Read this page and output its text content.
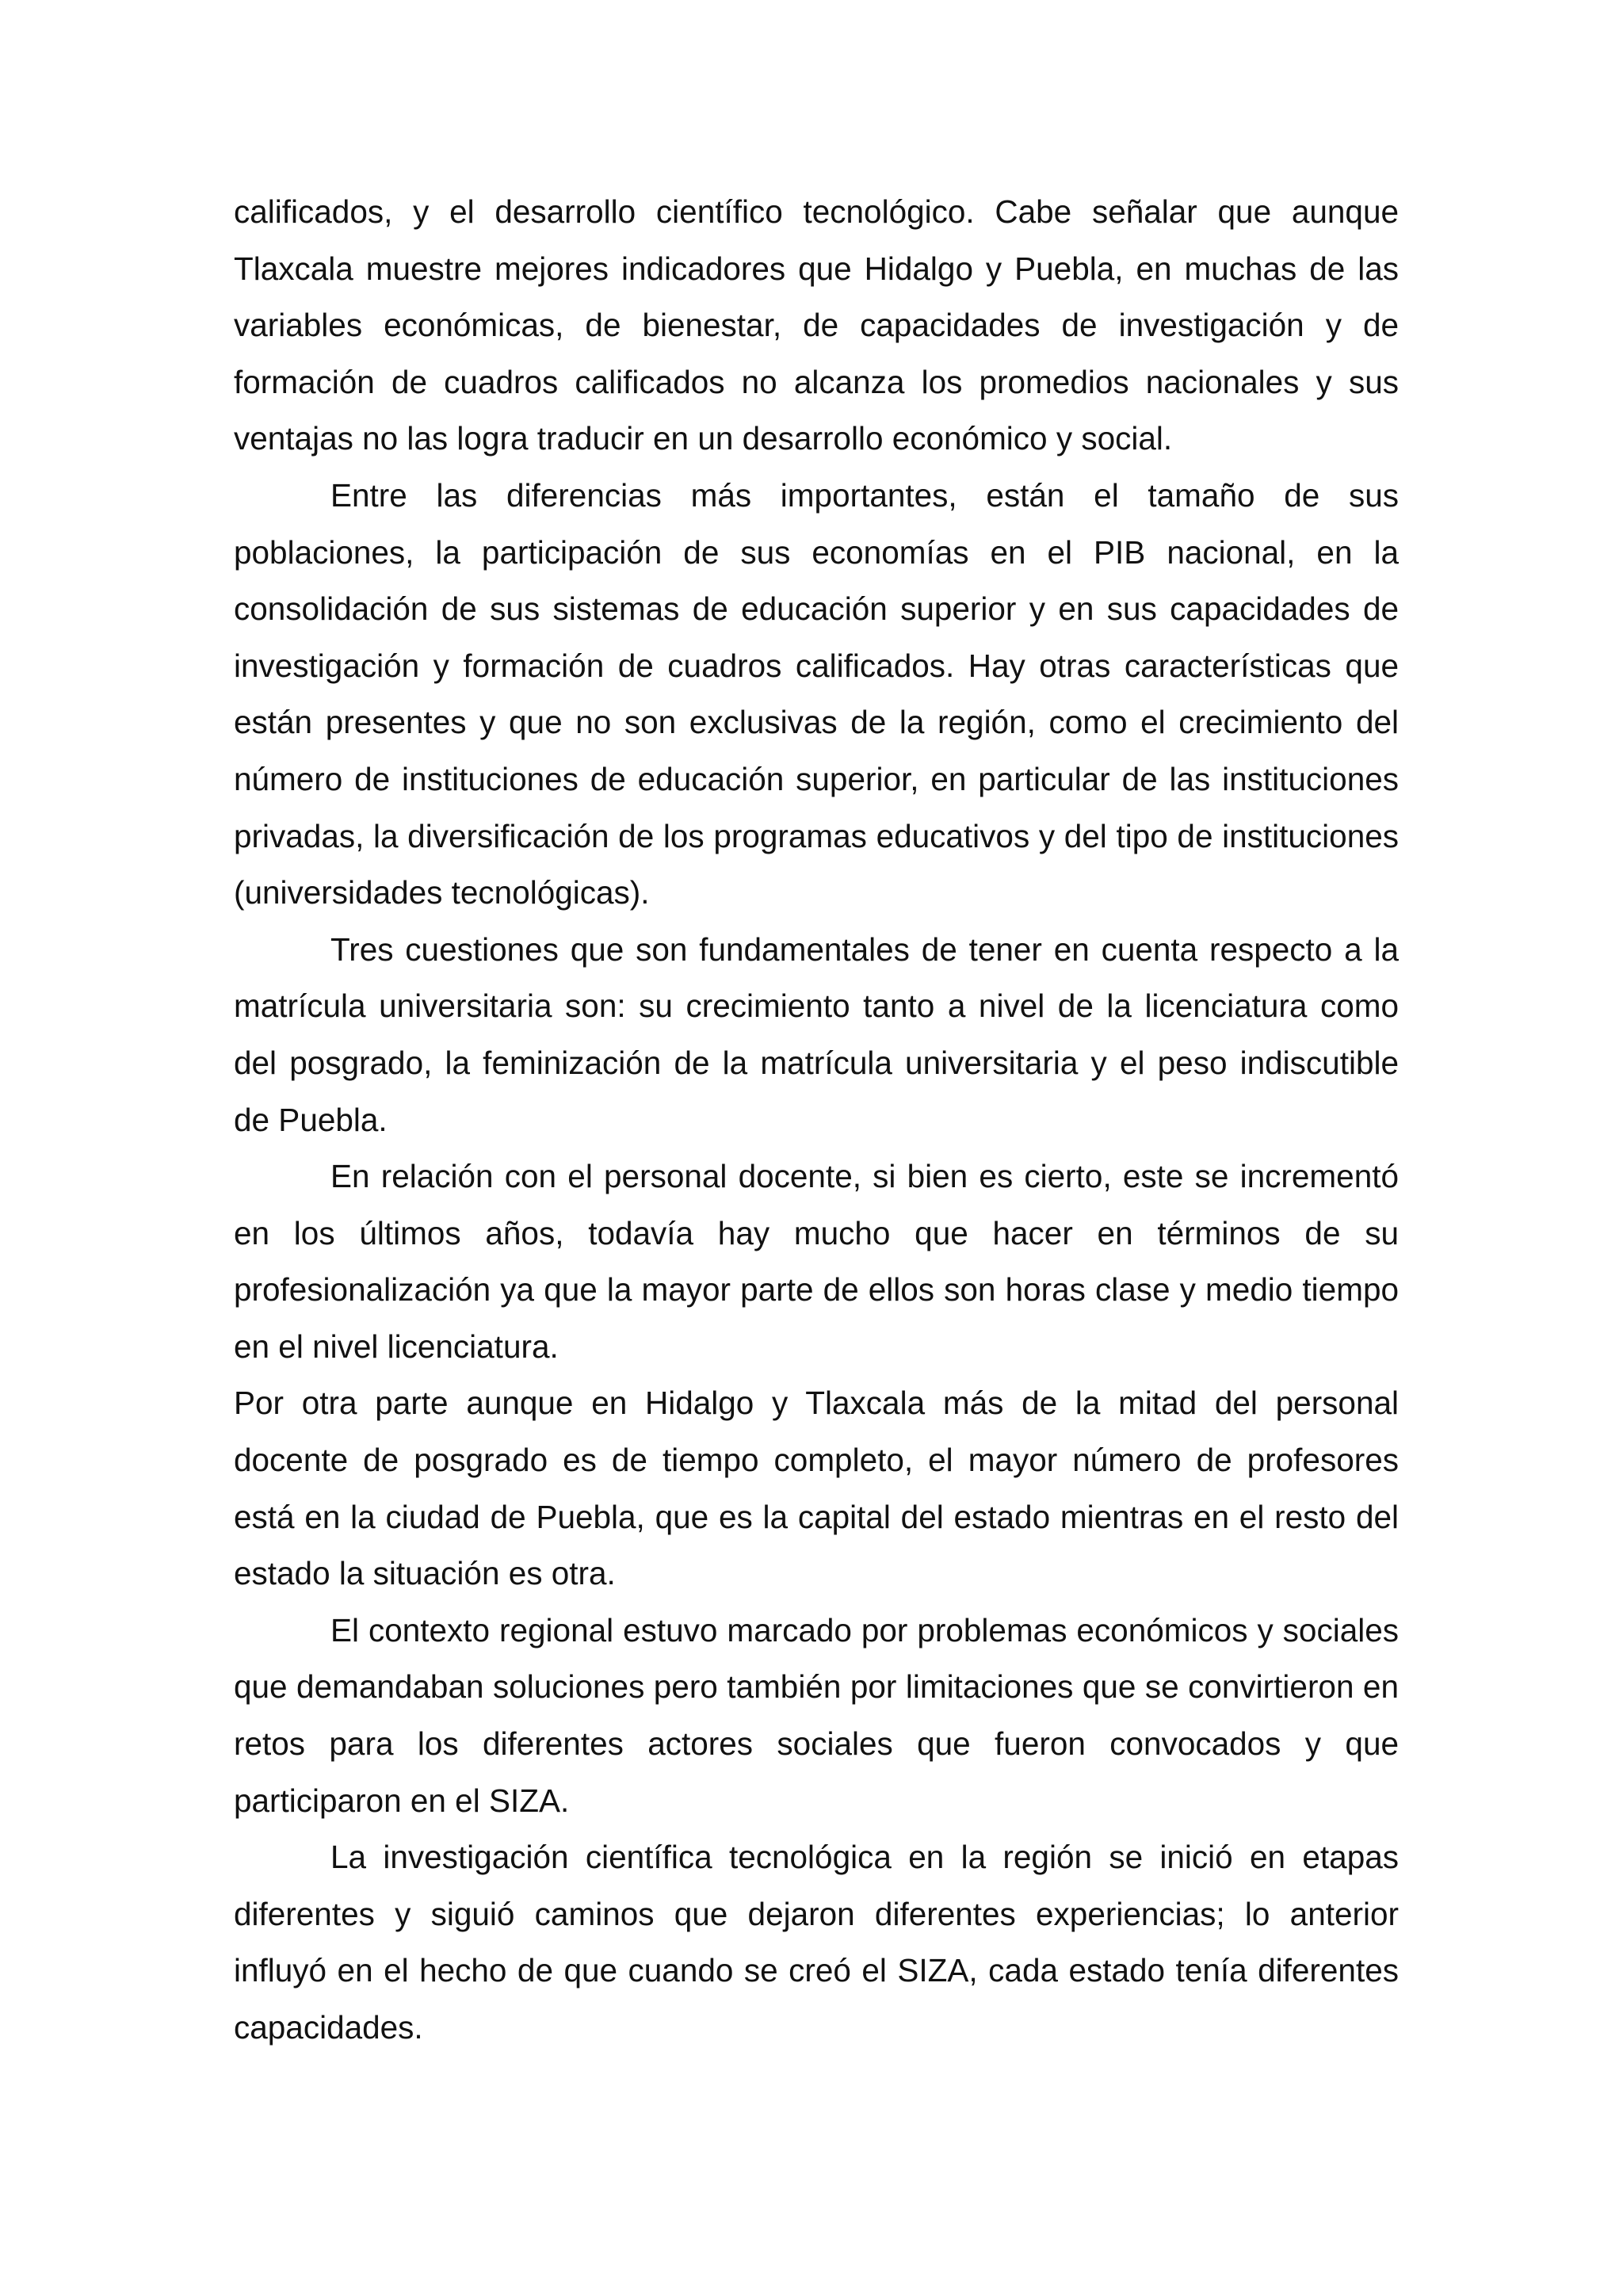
calificados, y el desarrollo científico tecnológico. Cabe señalar que aunque Tlaxcala muestre mejores indicadores que Hidalgo y Puebla, en muchas de las variables económicas, de bienestar, de capacidades de investigación y de formación de cuadros calificados no alcanza los promedios nacionales y sus ventajas no las logra traducir en un desarrollo económico y social.

Entre las diferencias más importantes, están el tamaño de sus poblaciones, la participación de sus economías en el PIB nacional, en la consolidación de sus sistemas de educación superior y en sus capacidades de investigación y formación de cuadros calificados. Hay otras características que están presentes y que no son exclusivas de la región, como el crecimiento del número de instituciones de educación superior, en particular de las instituciones privadas, la diversificación de los programas educativos y del tipo de instituciones (universidades tecnológicas).

Tres cuestiones que son fundamentales de tener en cuenta respecto a la matrícula universitaria son: su crecimiento tanto a nivel de la licenciatura como del posgrado, la feminización de la matrícula universitaria y el peso indiscutible de Puebla.

En relación con el personal docente, si bien es cierto, este se incrementó en los últimos años, todavía hay mucho que hacer en términos de su profesionalización ya que la mayor parte de ellos son horas clase y medio tiempo en el nivel licenciatura.

Por otra parte aunque en Hidalgo y Tlaxcala más de la mitad del personal docente de posgrado es de tiempo completo, el mayor número de profesores está en la ciudad de Puebla, que es la capital del estado mientras en el resto del estado la situación es otra.

El contexto regional estuvo marcado por problemas económicos y sociales que demandaban soluciones pero también por limitaciones que se convirtieron en retos para los diferentes actores sociales que fueron convocados y que participaron en el SIZA.

La investigación científica tecnológica en la región se inició en etapas diferentes y siguió caminos que dejaron diferentes experiencias; lo anterior influyó en el hecho de que cuando se creó el SIZA, cada estado tenía diferentes capacidades.
